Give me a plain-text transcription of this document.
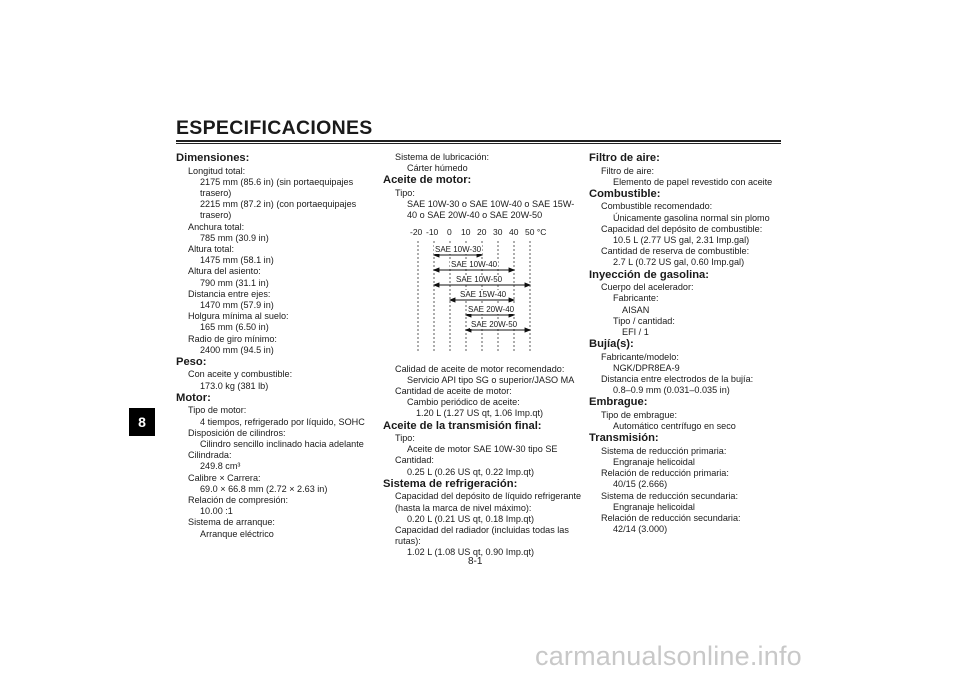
ESPECIFICACIONES
8
Dimensiones:
Longitud total:
2175 mm (85.6 in) (sin portaequipajes
trasero)
2215 mm (87.2 in) (con portaequipajes
trasero)
Anchura total:
785 mm (30.9 in)
Altura total:
1475 mm (58.1 in)
Altura del asiento:
790 mm (31.1 in)
Distancia entre ejes:
1470 mm (57.9 in)
Holgura mínima al suelo:
165 mm (6.50 in)
Radio de giro mínimo:
2400 mm (94.5 in)
Peso:
Con aceite y combustible:
173.0 kg (381 lb)
Motor:
Tipo de motor:
4 tiempos, refrigerado por líquido, SOHC
Disposición de cilindros:
Cilindro sencillo inclinado hacia adelante
Cilindrada:
249.8 cm³
Calibre × Carrera:
69.0 × 66.8 mm (2.72 × 2.63 in)
Relación de compresión:
10.00 :1
Sistema de arranque:
Arranque eléctrico
Sistema de lubricación:
Cárter húmedo
Aceite de motor:
Tipo:
SAE 10W-30 o SAE 10W-40 o SAE 15W-
40 o SAE 20W-40 o SAE 20W-50
-20 -10 0 10 20 30 40 50 °C
SAE 10W-30
SAE 10W-40
SAE 10W-50
SAE 15W-40
SAE 20W-40
SAE 20W-50
Calidad de aceite de motor recomendado:
Servicio API tipo SG o superior/JASO MA
Cantidad de aceite de motor:
Cambio periódico de aceite:
1.20 L (1.27 US qt, 1.06 Imp.qt)
Aceite de la transmisión final:
Tipo:
Aceite de motor SAE 10W-30 tipo SE
Cantidad:
0.25 L (0.26 US qt, 0.22 Imp.qt)
Sistema de refrigeración:
Capacidad del depósito de líquido refrigerante
(hasta la marca de nivel máximo):
0.20 L (0.21 US qt, 0.18 Imp.qt)
Capacidad del radiador (incluidas todas las
rutas):
1.02 L (1.08 US qt, 0.90 Imp.qt)
Filtro de aire:
Filtro de aire:
Elemento de papel revestido con aceite
Combustible:
Combustible recomendado:
Únicamente gasolina normal sin plomo
Capacidad del depósito de combustible:
10.5 L (2.77 US gal, 2.31 Imp.gal)
Cantidad de reserva de combustible:
2.7 L (0.72 US gal, 0.60 Imp.gal)
Inyección de gasolina:
Cuerpo del acelerador:
Fabricante:
AISAN
Tipo / cantidad:
EFI / 1
Bujía(s):
Fabricante/modelo:
NGK/DPR8EA-9
Distancia entre electrodos de la bujía:
0.8–0.9 mm (0.031–0.035 in)
Embrague:
Tipo de embrague:
Automático centrífugo en seco
Transmisión:
Sistema de reducción primaria:
Engranaje helicoidal
Relación de reducción primaria:
40/15 (2.666)
Sistema de reducción secundaria:
Engranaje helicoidal
Relación de reducción secundaria:
42/14 (3.000)
8-1
carmanualsonline.info
